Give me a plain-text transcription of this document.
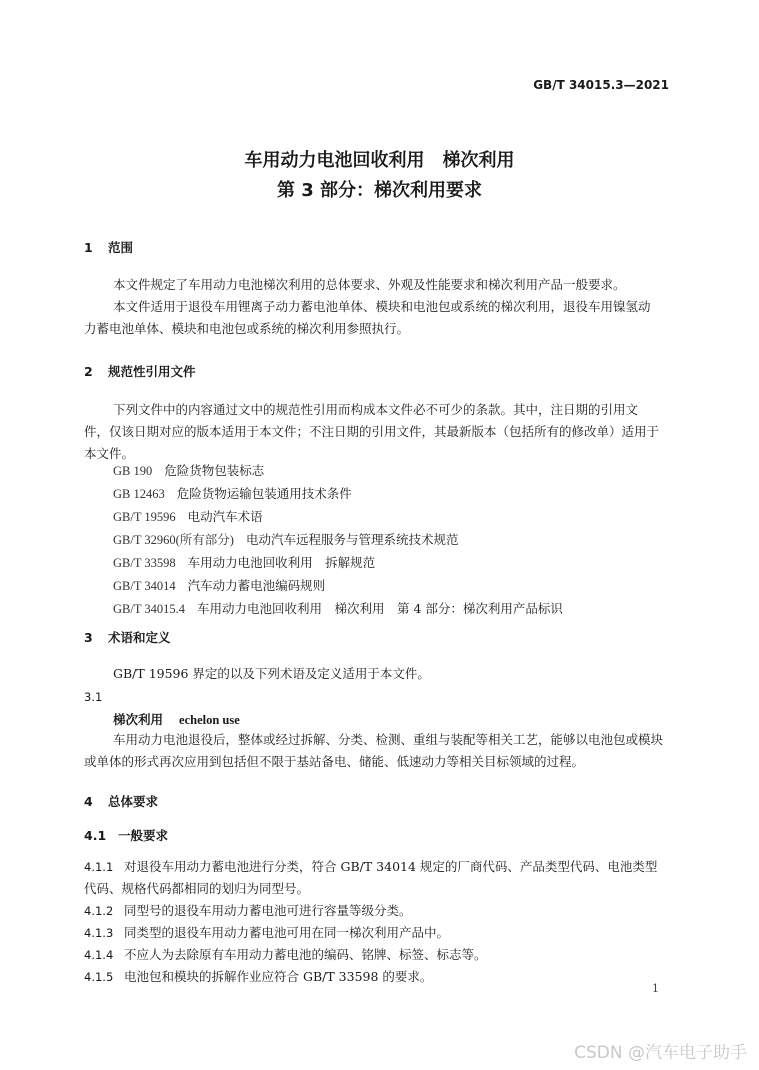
GB/T 34015.3—2021
车用动力电池回收利用　梯次利用
第 3 部分：梯次利用要求
1 范围
本文件规定了车用动力电池梯次利用的总体要求、外观及性能要求和梯次利用产品一般要求。
本文件适用于退役车用锂离子动力蓄电池单体、模块和电池包或系统的梯次利用，退役车用镍氢动
力蓄电池单体、模块和电池包或系统的梯次利用参照执行。
2 规范性引用文件
下列文件中的内容通过文中的规范性引用而构成本文件必不可少的条款。其中，注日期的引用文
件，仅该日期对应的版本适用于本文件；不注日期的引用文件，其最新版本（包括所有的修改单）适用于
本文件。
GB 190 危险货物包装标志
GB 12463 危险货物运输包装通用技术条件
GB/T 19596 电动汽车术语
GB/T 32960(所有部分) 电动汽车远程服务与管理系统技术规范
GB/T 33598 车用动力电池回收利用　拆解规范
GB/T 34014 汽车动力蓄电池编码规则
GB/T 34015.4 车用动力电池回收利用　梯次利用　第 4 部分：梯次利用产品标识
3 术语和定义
GB/T 19596 界定的以及下列术语及定义适用于本文件。
3.1
梯次利用 echelon use
车用动力电池退役后，整体或经过拆解、分类、检测、重组与装配等相关工艺，能够以电池包或模块
或单体的形式再次应用到包括但不限于基站备电、储能、低速动力等相关目标领域的过程。
4 总体要求
4.1 一般要求
4.1.1 对退役车用动力蓄电池进行分类，符合 GB/T 34014 规定的厂商代码、产品类型代码、电池类型
代码、规格代码都相同的划归为同型号。
4.1.2 同型号的退役车用动力蓄电池可进行容量等级分类。
4.1.3 同类型的退役车用动力蓄电池可用在同一梯次利用产品中。
4.1.4 不应人为去除原有车用动力蓄电池的编码、铭牌、标签、标志等。
4.1.5 电池包和模块的拆解作业应符合 GB/T 33598 的要求。
1
CSDN @汽车电子助手
